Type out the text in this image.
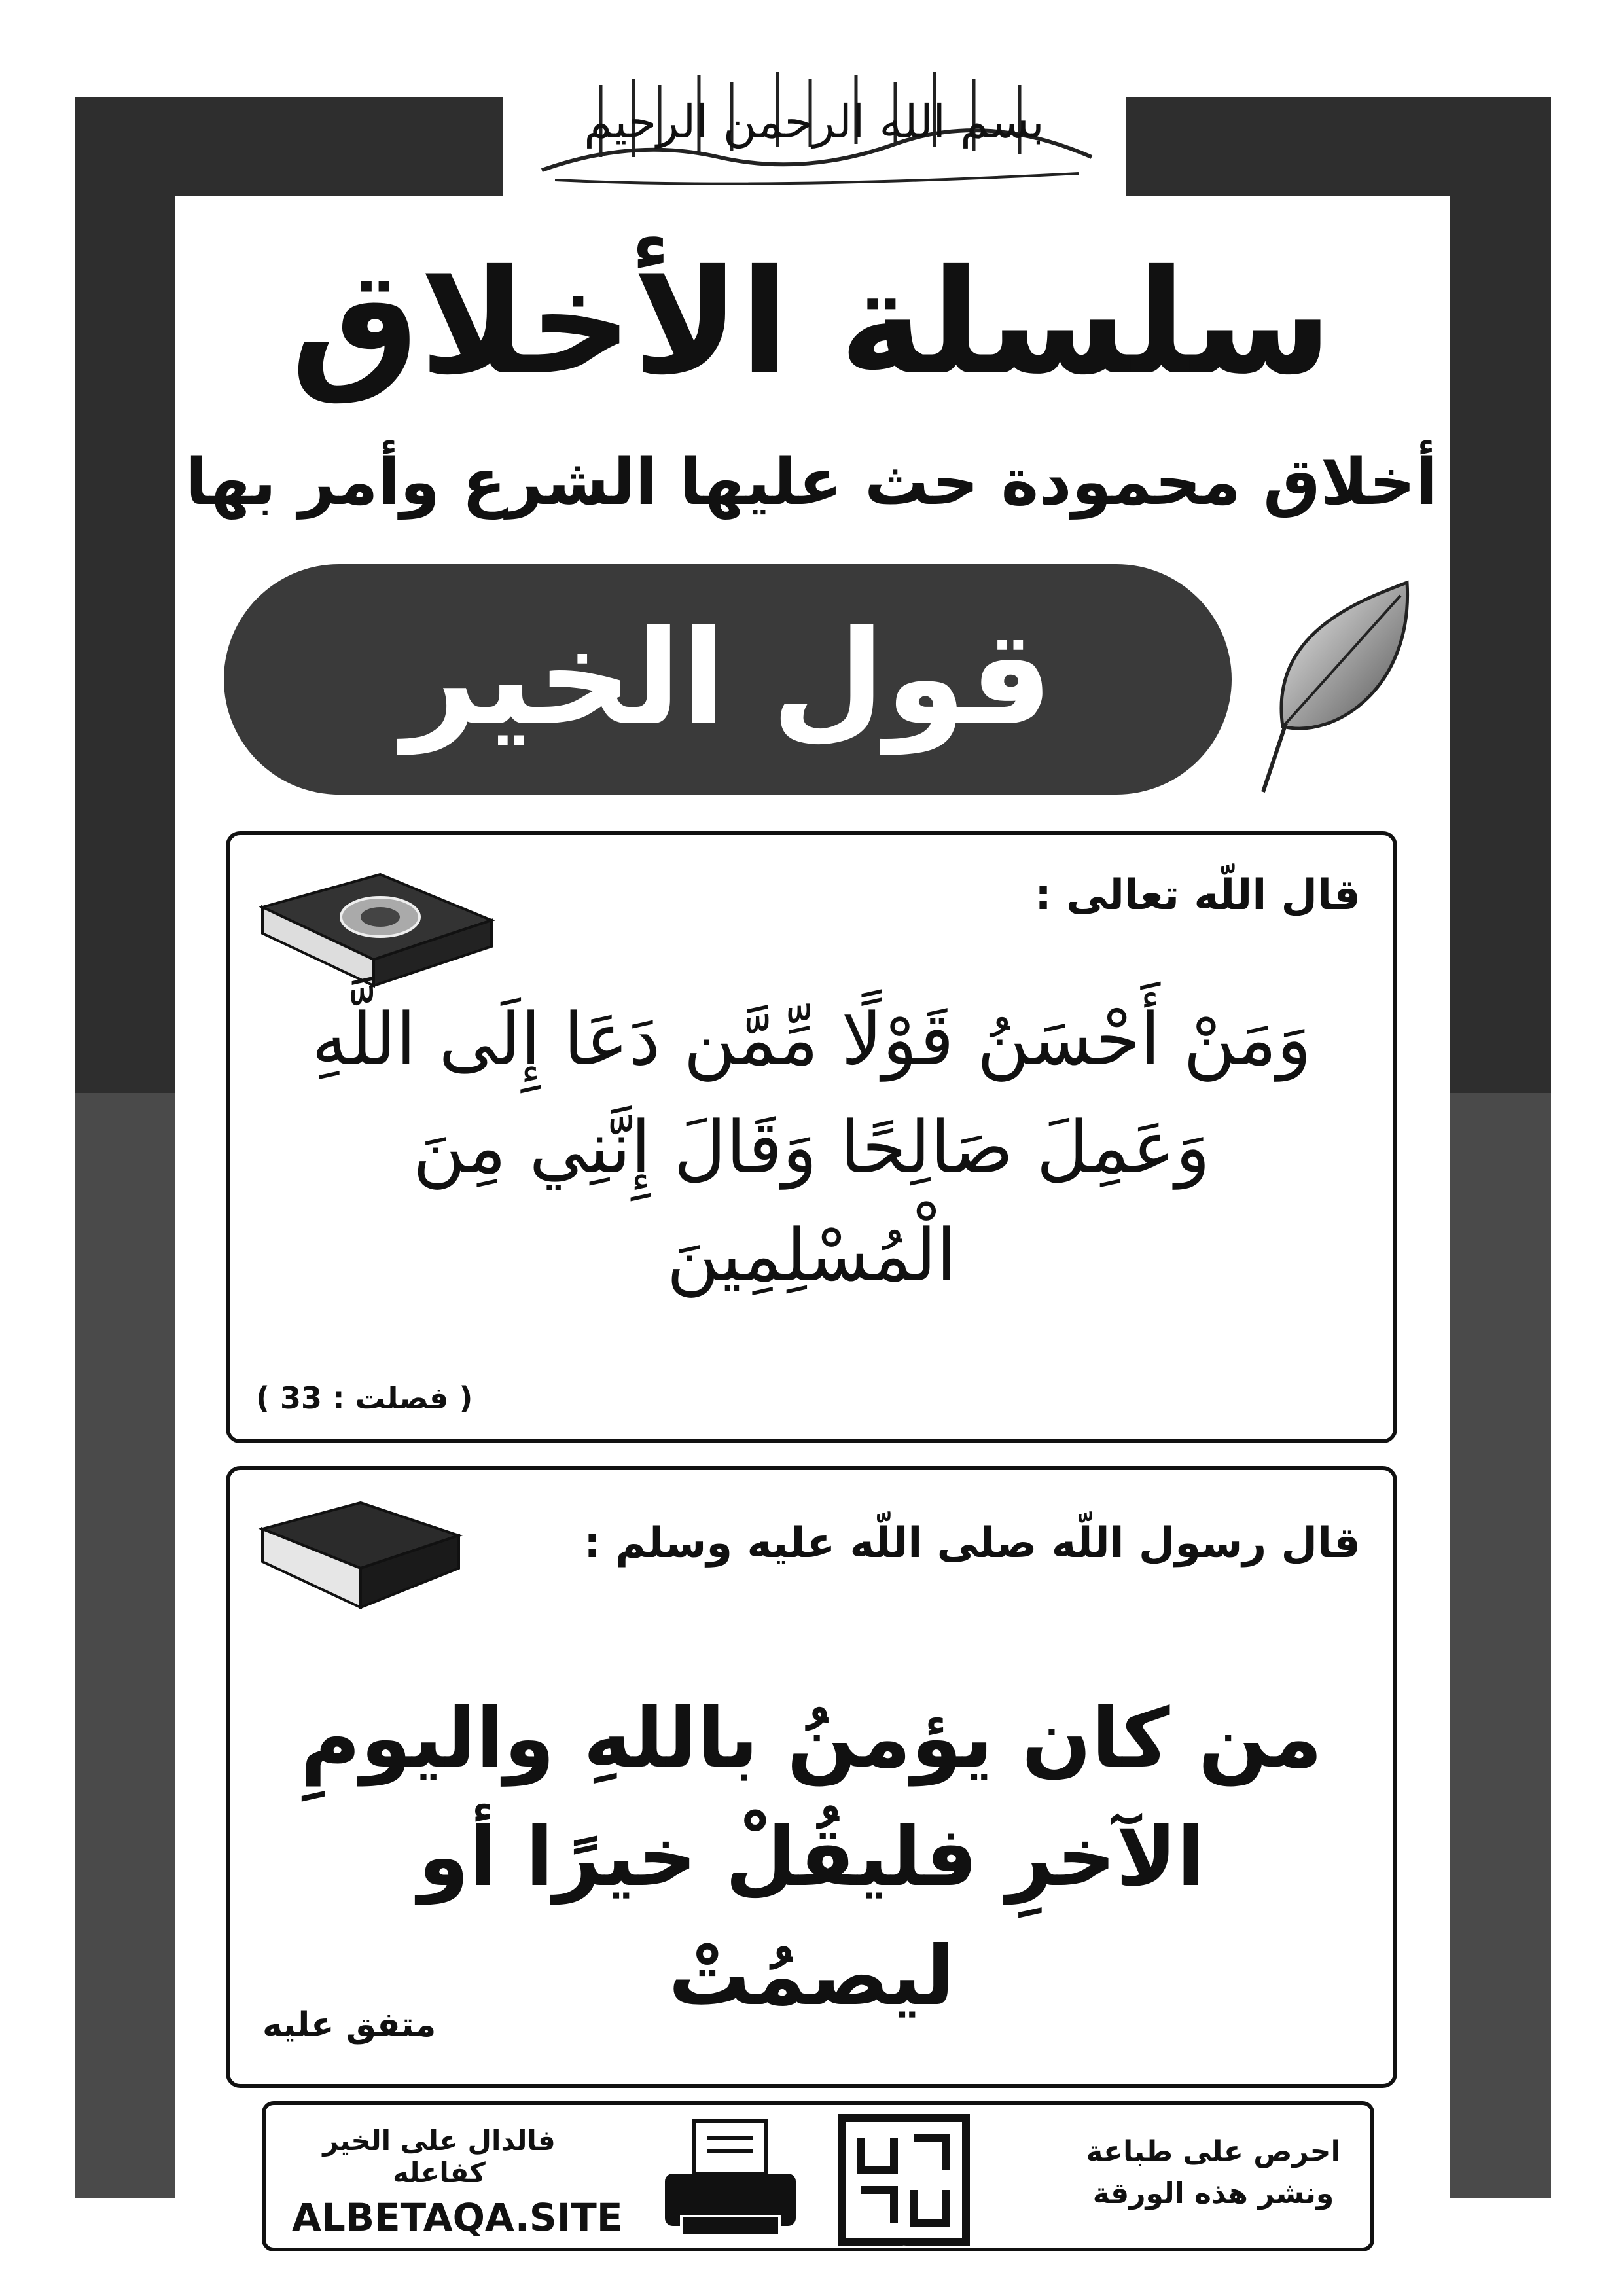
بسم الله الرحمن الرحيم
سلسلة الأخلاق
أخلاق محمودة حث عليها الشرع وأمر بها
قول الخير
قال اللّه تعالى :
وَمَنْ أَحْسَنُ قَوْلًا مِّمَّن دَعَا إِلَى اللَّهِ وَعَمِلَ صَالِحًا وَقَالَ إِنَّنِي مِنَ الْمُسْلِمِينَ
( فصلت : 33 )
قال رسول اللّه صلى اللّه عليه وسلم :
من كان يؤمنُ باللهِ واليومِ الآخرِ فليقُلْ خيرًا أو ليصمُتْ
متفق عليه
فالدال على الخير كفاعله
ALBETAQA.SITE
دعوة الورقة
احرص على طباعة ونشر هذه الورقة
